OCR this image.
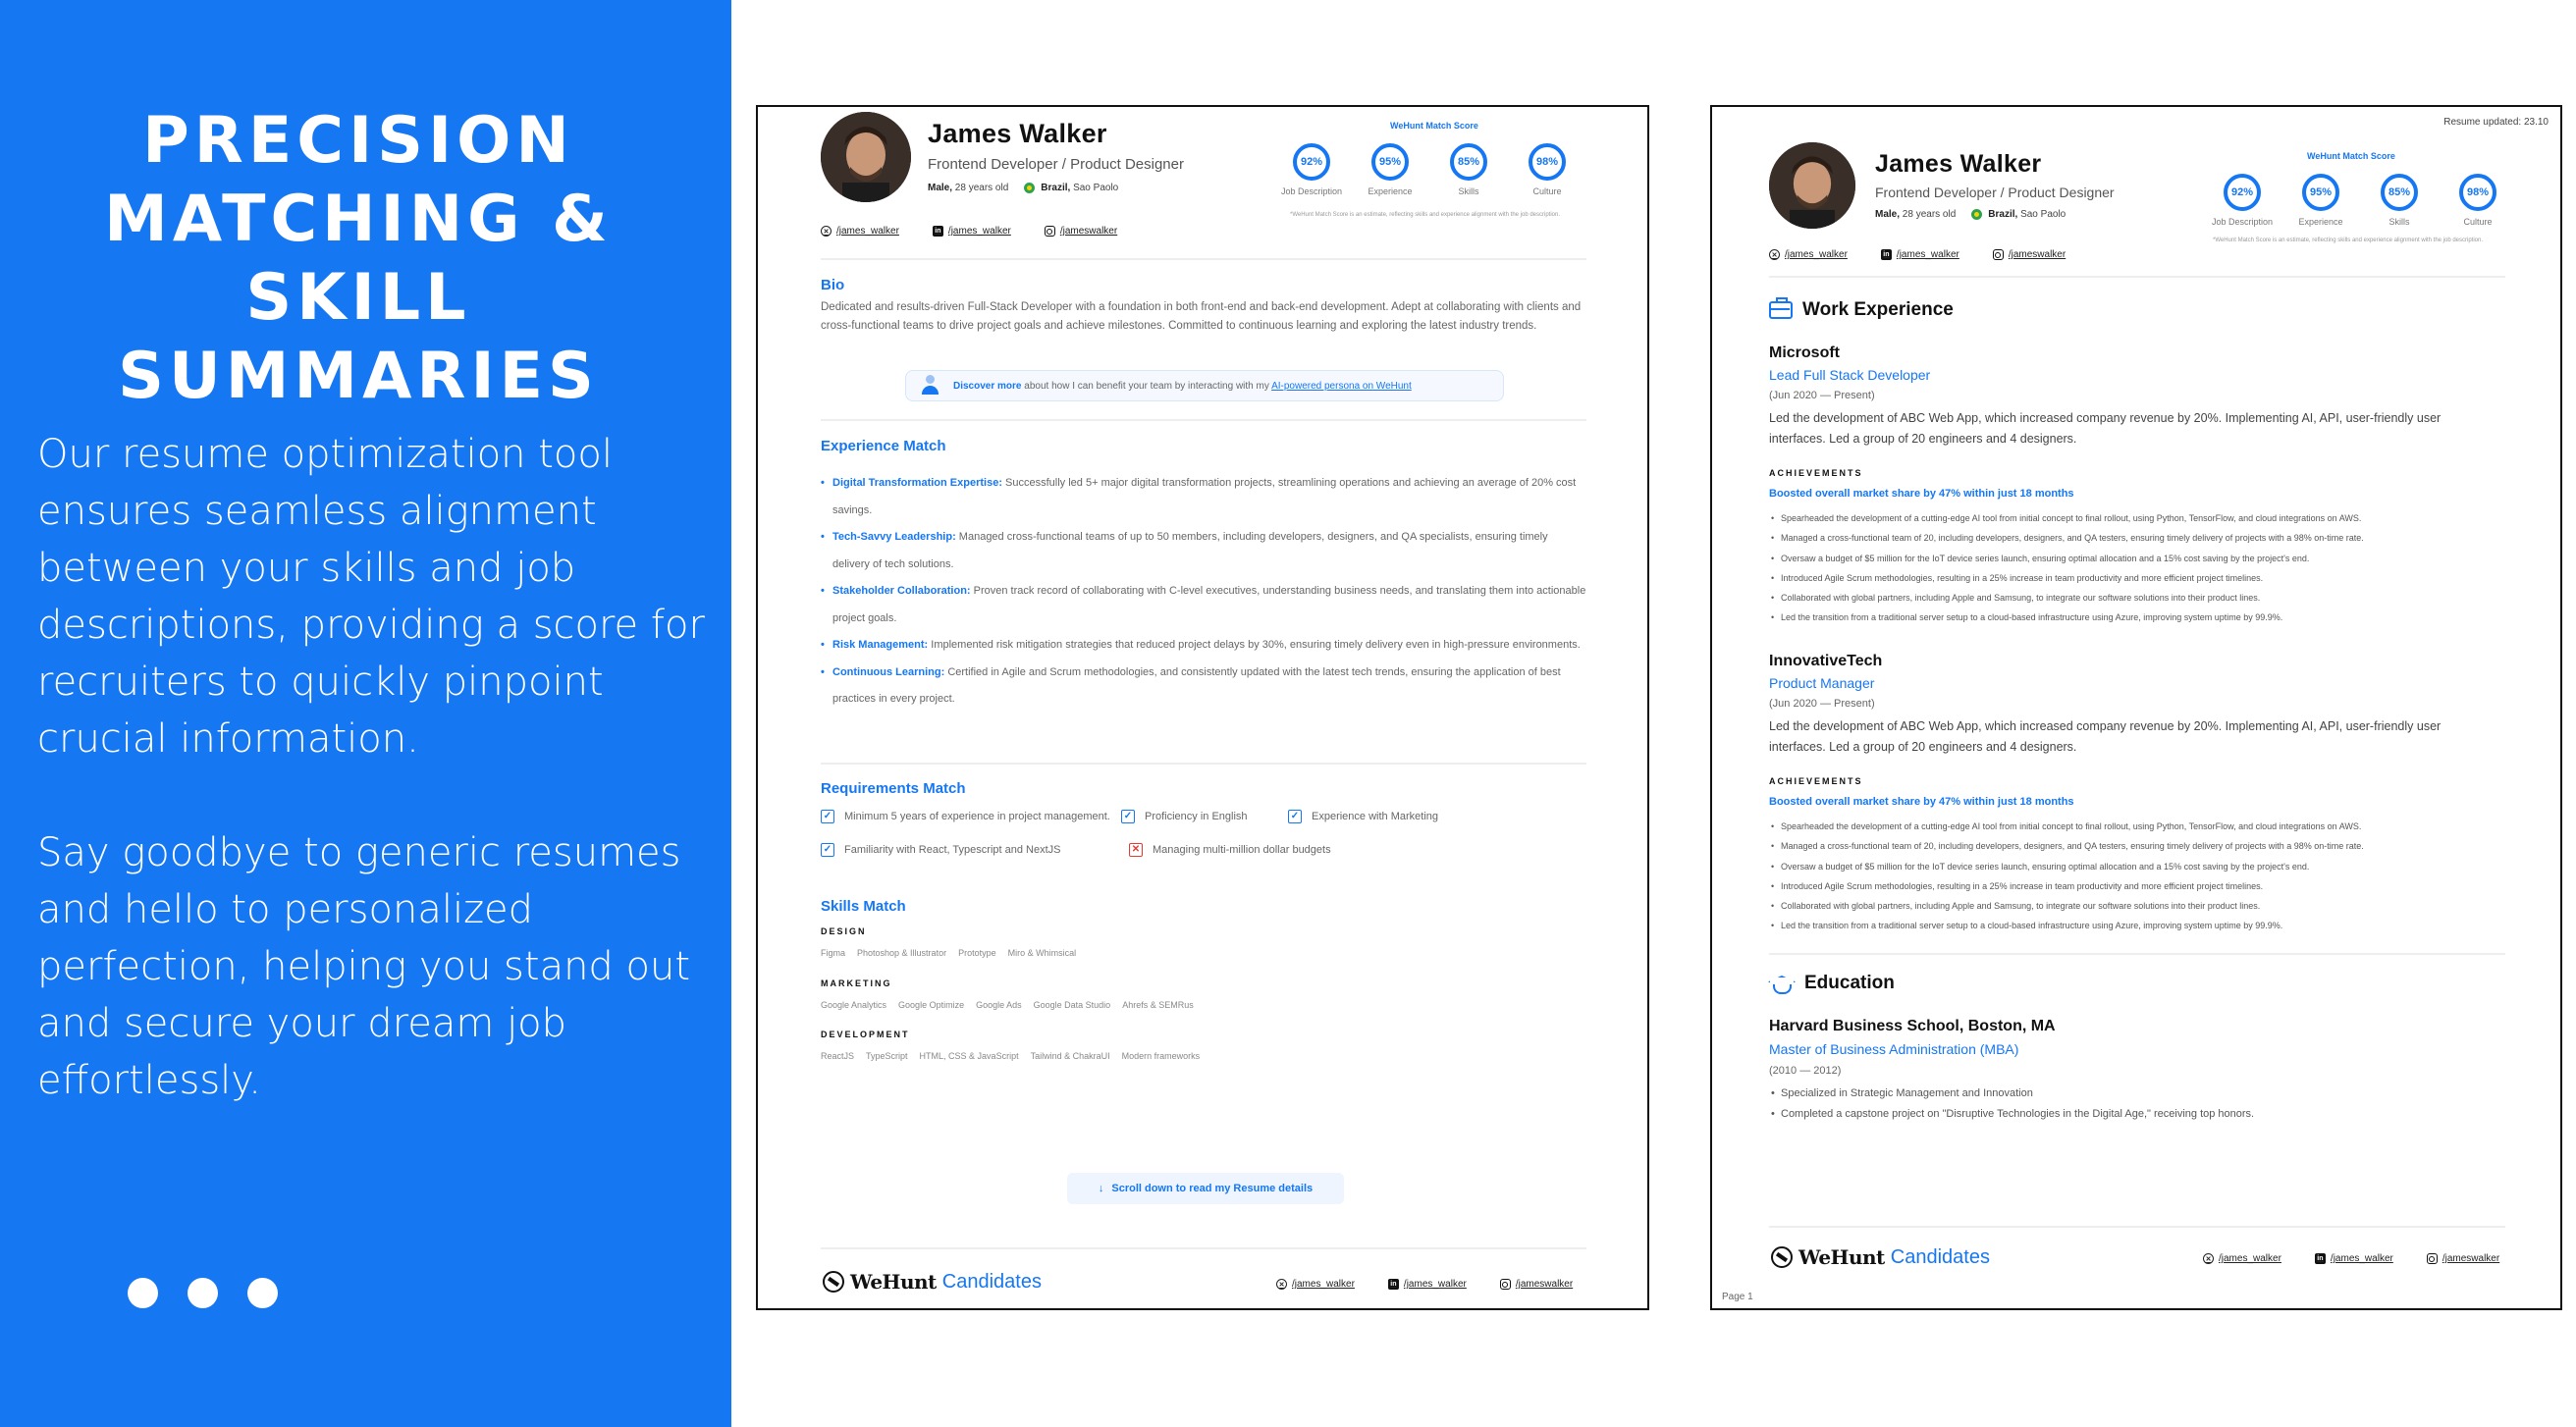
PRECISION MATCHING & SKILL SUMMARIES
Our resume optimization tool ensures seamless alignment between your skills and job descriptions, providing a score for recruiters to quickly pinpoint crucial information.
Say goodbye to generic resumes and hello to personalized perfection, helping you stand out and secure your dream job effortlessly.
James Walker
Frontend Developer / Product Designer
Male, 28 years old	Brazil, Sao Paolo
✕ /james_walker	in /james_walker	/jameswalker
WeHunt Match Score
92%
Job Description
95%
Experience
85%
Skills
98%
Culture
*WeHunt Match Score is an estimate, reflecting skills and experience alignment with the job description.
Bio
Dedicated and results-driven Full-Stack Developer with a foundation in both front-end and back-end development. Adept at collaborating with clients and cross-functional teams to drive project goals and achieve milestones. Committed to continuous learning and exploring the latest industry trends.
Discover more about how I can benefit your team by interacting with my AI-powered persona on WeHunt
Experience Match
• Digital Transformation Expertise: Successfully led 5+ major digital transformation projects, streamlining operations and achieving an average of 20% cost savings.
• Tech-Savvy Leadership: Managed cross-functional teams of up to 50 members, including developers, designers, and QA specialists, ensuring timely delivery of tech solutions.
• Stakeholder Collaboration: Proven track record of collaborating with C-level executives, understanding business needs, and translating them into actionable project goals.
• Risk Management: Implemented risk mitigation strategies that reduced project delays by 30%, ensuring timely delivery even in high-pressure environments.
• Continuous Learning: Certified in Agile and Scrum methodologies, and consistently updated with the latest tech trends, ensuring the application of best practices in every project.
Requirements Match
✓ Minimum 5 years of experience in project management. ✓ Proficiency in English	✓ Experience with Marketing
✓ Familiarity with React, Typescript and NextJS	✕ Managing multi-million dollar budgets
Skills Match
DESIGN
Figma Photoshop & Illustrator Prototype Miro & Whimsical
MARKETING
Google Analytics Google Optimize Google Ads Google Data Studio Ahrefs & SEMRus
DEVELOPMENT
ReactJS TypeScript HTML, CSS & JavaScript Tailwind & ChakraUI Modern frameworks
↓ Scroll down to read my Resume details
WeHunt Candidates	✕ /james_walker	in /james_walker	/jameswalker
Resume updated: 23.10
James Walker
Frontend Developer / Product Designer
Male, 28 years old	Brazil, Sao Paolo
✕ /james_walker	in /james_walker	/jameswalker
WeHunt Match Score
92%
Job Description
95%
Experience
85%
Skills
98%
Culture
*WeHunt Match Score is an estimate, reflecting skills and experience alignment with the job description.
Work Experience
Microsoft
Lead Full Stack Developer
(Jun 2020 — Present)
Led the development of ABC Web App, which increased company revenue by 20%. Implementing AI, API, user-friendly user interfaces. Led a group of 20 engineers and 4 designers.
ACHIEVEMENTS
Boosted overall market share by 47% within just 18 months
• Spearheaded the development of a cutting-edge AI tool from initial concept to final rollout, using Python, TensorFlow, and cloud integrations on AWS.
• Managed a cross-functional team of 20, including developers, designers, and QA testers, ensuring timely delivery of projects with a 98% on-time rate.
• Oversaw a budget of $5 million for the IoT device series launch, ensuring optimal allocation and a 15% cost saving by the project's end.
• Introduced Agile Scrum methodologies, resulting in a 25% increase in team productivity and more efficient project timelines.
• Collaborated with global partners, including Apple and Samsung, to integrate our software solutions into their product lines.
• Led the transition from a traditional server setup to a cloud-based infrastructure using Azure, improving system uptime by 99.9%.
InnovativeTech
Product Manager
(Jun 2020 — Present)
Led the development of ABC Web App, which increased company revenue by 20%. Implementing AI, API, user-friendly user interfaces. Led a group of 20 engineers and 4 designers.
ACHIEVEMENTS
Boosted overall market share by 47% within just 18 months
• Spearheaded the development of a cutting-edge AI tool from initial concept to final rollout, using Python, TensorFlow, and cloud integrations on AWS.
• Managed a cross-functional team of 20, including developers, designers, and QA testers, ensuring timely delivery of projects with a 98% on-time rate.
• Oversaw a budget of $5 million for the IoT device series launch, ensuring optimal allocation and a 15% cost saving by the project's end.
• Introduced Agile Scrum methodologies, resulting in a 25% increase in team productivity and more efficient project timelines.
• Collaborated with global partners, including Apple and Samsung, to integrate our software solutions into their product lines.
• Led the transition from a traditional server setup to a cloud-based infrastructure using Azure, improving system uptime by 99.9%.
Education
Harvard Business School, Boston, MA
Master of Business Administration (MBA)
(2010 — 2012)
• Specialized in Strategic Management and Innovation
• Completed a capstone project on "Disruptive Technologies in the Digital Age," receiving top honors.
WeHunt Candidates	✕ /james_walker	in /james_walker	/jameswalker
Page 1
